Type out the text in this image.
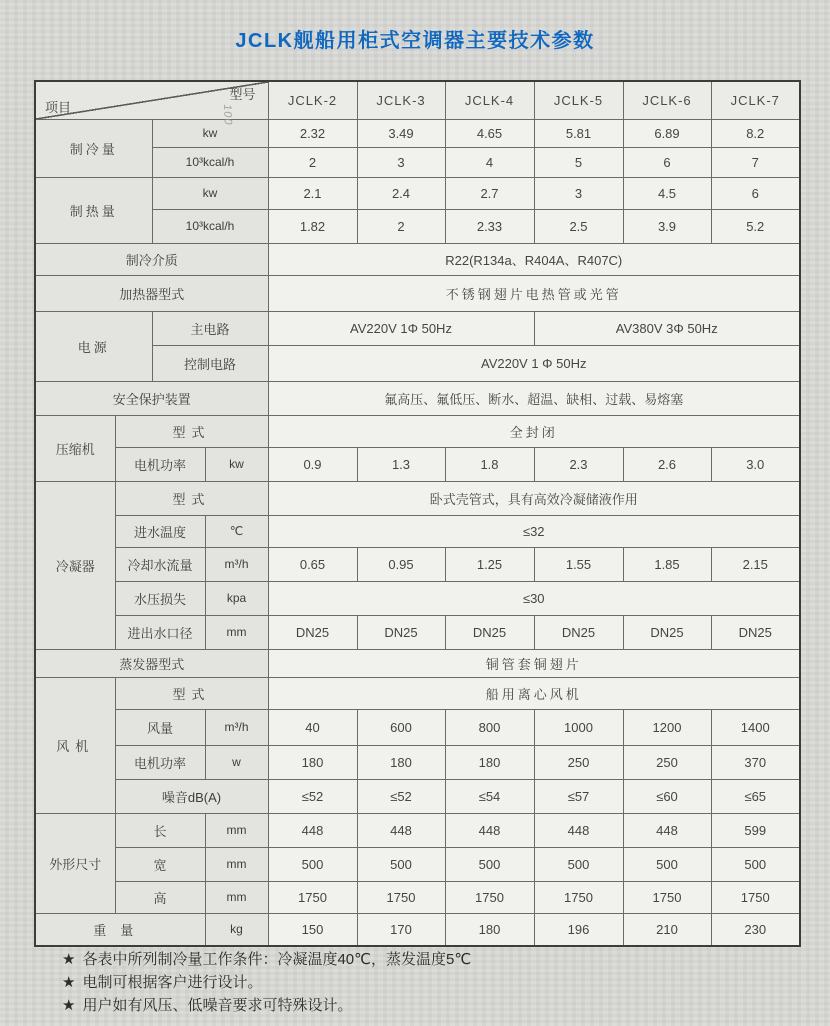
JCLK舰船用柜式空调器主要技术参数
项目
型号				JCLK-2	JCLK-3	JCLK-4	JCLK-5	JCLK-6	JCLK-7
制冷量		kw		2.32	3.49	4.65	5.81	6.89	8.2
		10³kcal/h		2	3	4	5	6	7
制热量		kw		2.1	2.4	2.7	3	4.5	6
		10³kcal/h		1.82	2	2.33	2.5	3.9	5.2
制冷介质				R22(R134a、R404A、R407C)					
加热器型式				不锈钢翅片电热管或光管					
电源		主电路		AV220V 1Φ 50Hz			AV380V 3Φ 50Hz		
		控制电路		AV220V 1 Φ 50Hz					
安全保护装置				氟高压、氟低压、断水、超温、缺相、过载、易熔塞					
压缩机	型式			全封闭					
	电机功率		kw	0.9	1.3	1.8	2.3	2.6	3.0
冷凝器	型式			卧式壳管式，具有高效冷凝储液作用					
	进水温度		℃	≤32					
	冷却水流量		m³/h	0.65	0.95	1.25	1.55	1.85	2.15
	水压损失		kpa	≤30					
	进出水口径		mm	DN25	DN25	DN25	DN25	DN25	DN25
蒸发器型式				铜管套铜翅片					
风机	型式			船用离心风机					
	风量		m³/h	40	600	800	1000	1200	1400
	电机功率		w	180	180	180	250	250	370
	噪音dB(A)			≤52	≤52	≤54	≤57	≤60	≤65
外形尺寸	长		mm	448	448	448	448	448	599
	宽		mm	500	500	500	500	500	500
	高		mm	1750	1750	1750	1750	1750	1750
重量			kg	150	170	180	196	210	230
100
★ 各表中所列制冷量工作条件：冷凝温度40℃，蒸发温度5℃
★ 电制可根据客户进行设计。
★ 用户如有风压、低噪音要求可特殊设计。
